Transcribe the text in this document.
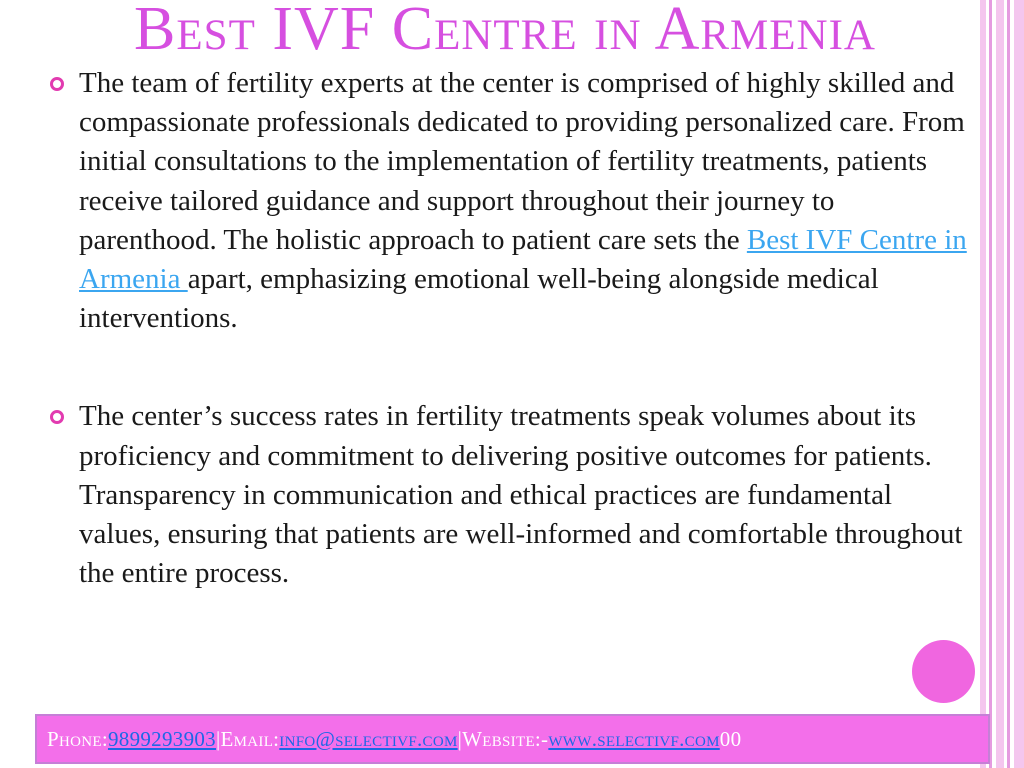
Best IVF Centre in Armenia

The team of fertility experts at the center is comprised of highly skilled and compassionate professionals dedicated to providing personalized care. From initial consultations to the implementation of fertility treatments, patients receive tailored guidance and support throughout their journey to parenthood. The holistic approach to patient care sets the Best IVF Centre in Armenia apart, emphasizing emotional well-being alongside medical interventions.

The center’s success rates in fertility treatments speak volumes about its proficiency and commitment to delivering positive outcomes for patients. Transparency in communication and ethical practices are fundamental values, ensuring that patients are well-informed and comfortable throughout the entire process.

Phone: 9899293903 | Email: info@selectivf.com | Website:- www.selectivf.com 00
